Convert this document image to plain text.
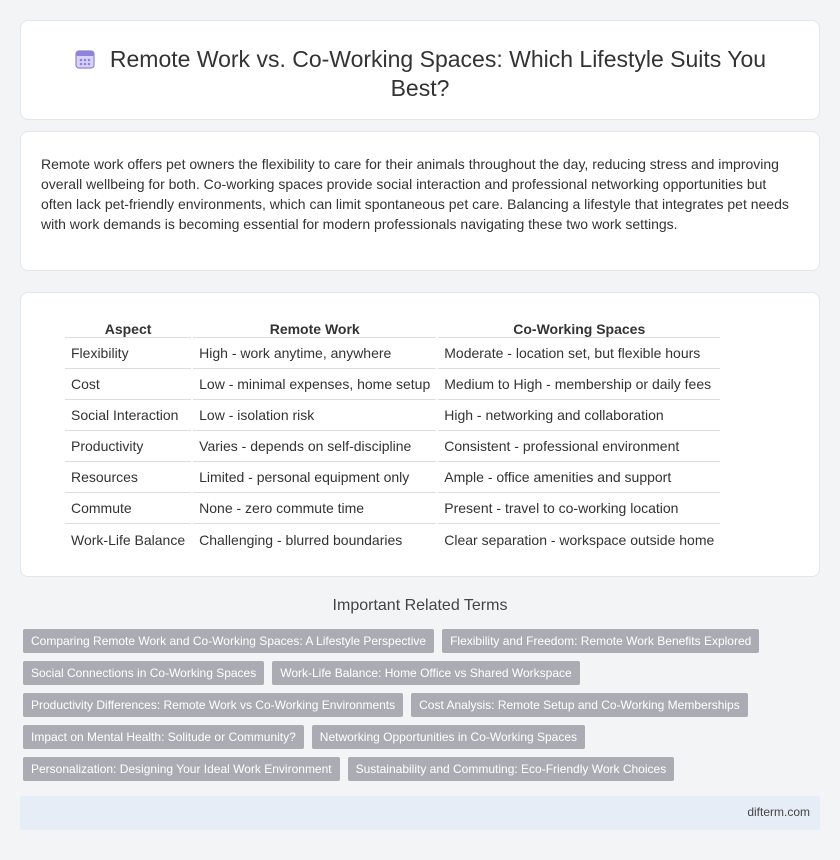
Remote Work vs. Co-Working Spaces: Which Lifestyle Suits You Best?

Remote work offers pet owners the flexibility to care for their animals throughout the day, reducing stress and improving overall wellbeing for both. Co-working spaces provide social interaction and professional networking opportunities but often lack pet-friendly environments, which can limit spontaneous pet care. Balancing a lifestyle that integrates pet needs with work demands is becoming essential for modern professionals navigating these two work settings.

Aspect	Remote Work	Co-Working Spaces
Flexibility	High - work anytime, anywhere	Moderate - location set, but flexible hours
Cost	Low - minimal expenses, home setup	Medium to High - membership or daily fees
Social Interaction	Low - isolation risk	High - networking and collaboration
Productivity	Varies - depends on self-discipline	Consistent - professional environment
Resources	Limited - personal equipment only	Ample - office amenities and support
Commute	None - zero commute time	Present - travel to co-working location
Work-Life Balance	Challenging - blurred boundaries	Clear separation - workspace outside home
Important Related Terms
Comparing Remote Work and Co-Working Spaces: A Lifestyle Perspective	Flexibility and Freedom: Remote Work Benefits Explored
Social Connections in Co-Working Spaces	Work-Life Balance: Home Office vs Shared Workspace
Productivity Differences: Remote Work vs Co-Working Environments	Cost Analysis: Remote Setup and Co-Working Memberships
Impact on Mental Health: Solitude or Community?	Networking Opportunities in Co-Working Spaces
Personalization: Designing Your Ideal Work Environment	Sustainability and Commuting: Eco-Friendly Work Choices
difterm.com
